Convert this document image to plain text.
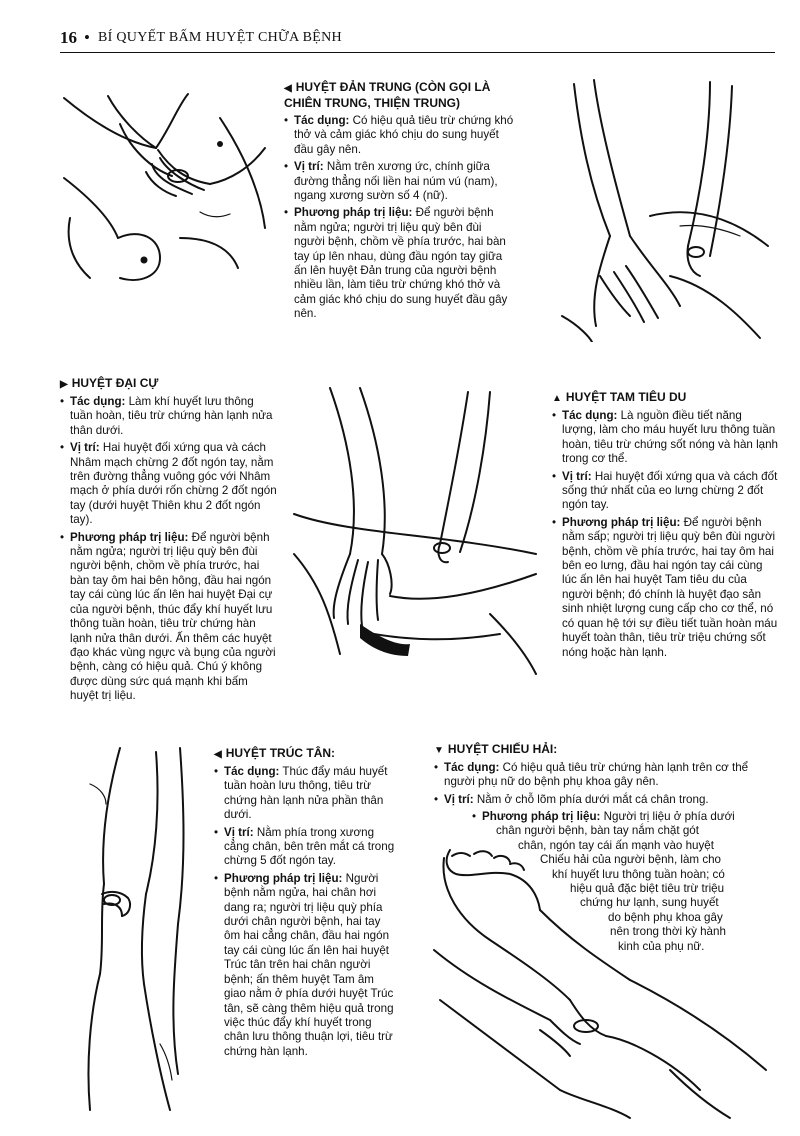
16 • BÍ QUYẾT BẤM HUYỆT CHỮA BỆNH
◀ HUYỆT ĐẢN TRUNG (CÒN GỌI LÀ
CHIÊN TRUNG, THIỆN TRUNG)
• Tác dụng: Có hiệu quả tiêu trừ chứng khó thở và cảm giác khó chịu do sung huyết đầu gây nên.
• Vị trí: Nằm trên xương ức, chính giữa đường thẳng nối liền hai núm vú (nam), ngang xương sườn số 4 (nữ).
• Phương pháp trị liệu: Để người bệnh nằm ngửa; người trị liệu quỳ bên đùi người bệnh, chồm về phía trước, hai bàn tay úp lên nhau, dùng đầu ngón tay giữa ấn lên huyệt Đản trung của người bệnh nhiều lần, làm tiêu trừ chứng khó thở và cảm giác khó chịu do sung huyết đầu gây nên.
▶ HUYỆT ĐẠI CỰ
• Tác dụng: Làm khí huyết lưu thông tuần hoàn, tiêu trừ chứng hàn lạnh nửa thân dưới.
• Vị trí: Hai huyệt đối xứng qua và cách Nhâm mạch chừng 2 đốt ngón tay, nằm trên đường thẳng vuông góc với Nhâm mạch ở phía dưới rốn chừng 2 đốt ngón tay (dưới huyệt Thiên khu 2 đốt ngón tay).
• Phương pháp trị liệu: Để người bệnh nằm ngửa; người trị liệu quỳ bên đùi người bệnh, chồm về phía trước, hai bàn tay ôm hai bên hông, đầu hai ngón tay cái cùng lúc ấn lên hai huyệt Đại cự của người bệnh, thúc đẩy khí huyết lưu thông tuần hoàn, tiêu trừ chứng hàn lạnh nửa thân dưới. Ấn thêm các huyệt đạo khác vùng ngực và bụng của người bệnh, càng có hiệu quả. Chú ý không được dùng sức quá mạnh khi bấm huyệt trị liệu.
▲ HUYỆT TAM TIÊU DU
• Tác dụng: Là nguồn điều tiết năng lượng, làm cho máu huyết lưu thông tuần hoàn, tiêu trừ chứng sốt nóng và hàn lạnh trong cơ thể.
• Vị trí: Hai huyệt đối xứng qua và cách đốt sống thứ nhất của eo lưng chừng 2 đốt ngón tay.
• Phương pháp trị liệu: Để người bệnh nằm sấp; người trị liệu quỳ bên đùi người bệnh, chồm về phía trước, hai tay ôm hai bên eo lưng, đầu hai ngón tay cái cùng lúc ấn lên hai huyệt Tam tiêu du của người bệnh; đó chính là huyệt đạo sản sinh nhiệt lượng cung cấp cho cơ thể, nó có quan hệ tới sự điều tiết tuần hoàn máu huyết toàn thân, tiêu trừ triệu chứng sốt nóng hoặc hàn lạnh.
◀ HUYỆT TRÚC TÂN:
• Tác dụng: Thúc đẩy máu huyết tuần hoàn lưu thông, tiêu trừ chứng hàn lạnh nửa phần thân dưới.
• Vị trí: Nằm phía trong xương cẳng chân, bên trên mắt cá trong chừng 5 đốt ngón tay.
• Phương pháp trị liệu: Người bệnh nằm ngửa, hai chân hơi dang ra; người trị liệu quỳ phía dưới chân người bệnh, hai tay ôm hai cẳng chân, đầu hai ngón tay cái cùng lúc ấn lên hai huyệt Trúc tân trên hai chân người bệnh; ấn thêm huyệt Tam âm giao nằm ở phía dưới huyệt Trúc tân, sẽ càng thêm hiệu quả trong việc thúc đẩy khí huyết trong chân lưu thông thuận lợi, tiêu trừ chứng hàn lạnh.
▼ HUYỆT CHIẾU HẢI:
• Tác dụng: Có hiệu quả tiêu trừ chứng hàn lạnh trên cơ thể người phụ nữ do bệnh phụ khoa gây nên.
• Vị trí: Nằm ở chỗ lõm phía dưới mắt cá chân trong.
• Phương pháp trị liệu: Người trị liệu ở phía dưới
chân người bệnh, bàn tay nắm chặt gót
chân, ngón tay cái ấn mạnh vào huyệt
Chiếu hải của người bệnh, làm cho
khí huyết lưu thông tuần hoàn; có
hiệu quả đặc biệt tiêu trừ triệu
chứng hư lạnh, sung huyết
do bệnh phụ khoa gây
nên trong thời kỳ hành
kinh của phụ nữ.
